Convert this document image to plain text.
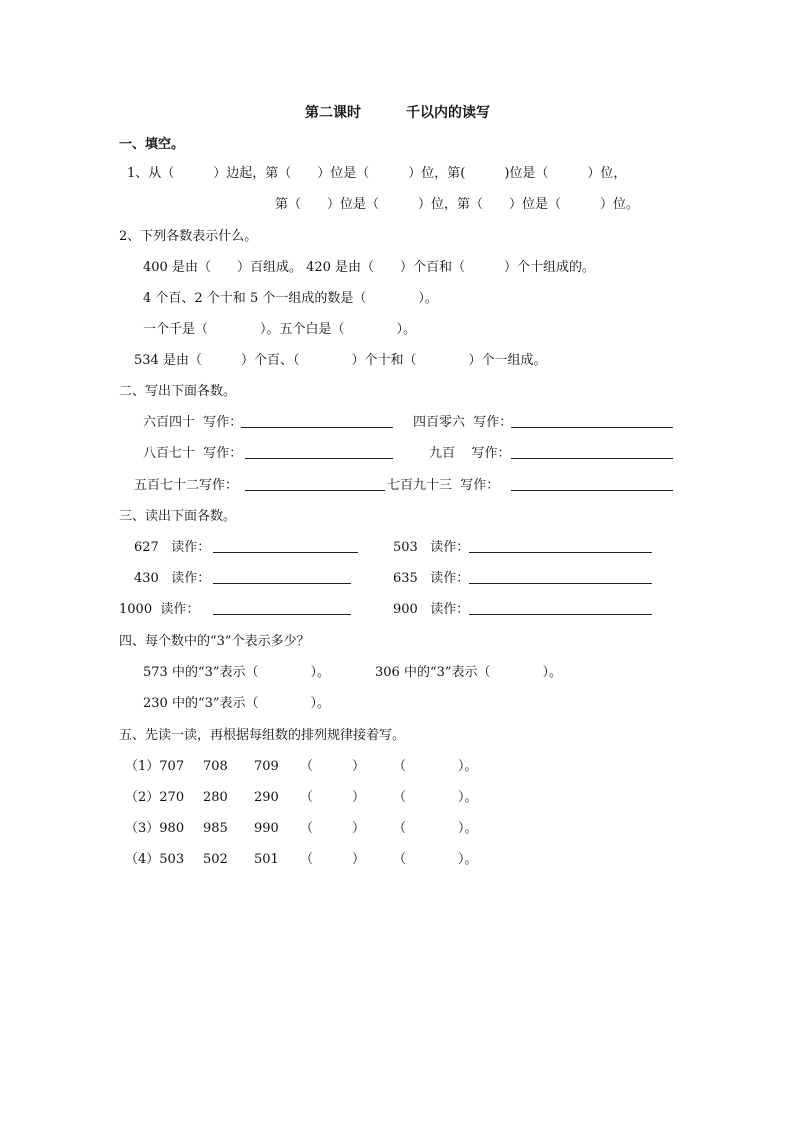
第二课时	千以内的读写
一、填空。
1、从（　　　）边起，第（　　）位是（　　　）位，第(　　　)位是（　　　）位，
第（　　）位是（　　　）位，第（　　）位是（　　　）位。
2、下列各数表示什么。
400 是由（　　）百组成。 420 是由（　　）个百和（　　　）个十组成的。
4 个百、2 个十和 5 个一组成的数是（　　　　）。
一个千是（　　　　）。五个白是（　　　　）。
534 是由（　　　）个百、（　　　　）个十和（　　　　）个一组成。
二、写出下面各数。
六百四十  写作：	四百零六  写作：
八百七十  写作：	九百    写作：
五百七十二写作：	七百九十三  写作：
三、读出下面各数。
627   读作：	503   读作：
430   读作：	635   读作：
1000  读作：	900   读作：
四、每个数中的“3”个表示多少？
573 中的“3”表示（　　　　）。	306 中的“3”表示（　　　　）。
230 中的“3”表示（　　　　）。
五、先读一读，再根据每组数的排列规律接着写。
（1）707 708 709 （　　　） （　　　　）。
（2）270 280 290 （　　　） （　　　　）。
（3）980 985 990 （　　　） （　　　　）。
（4）503 502 501 （　　　） （　　　　）。
